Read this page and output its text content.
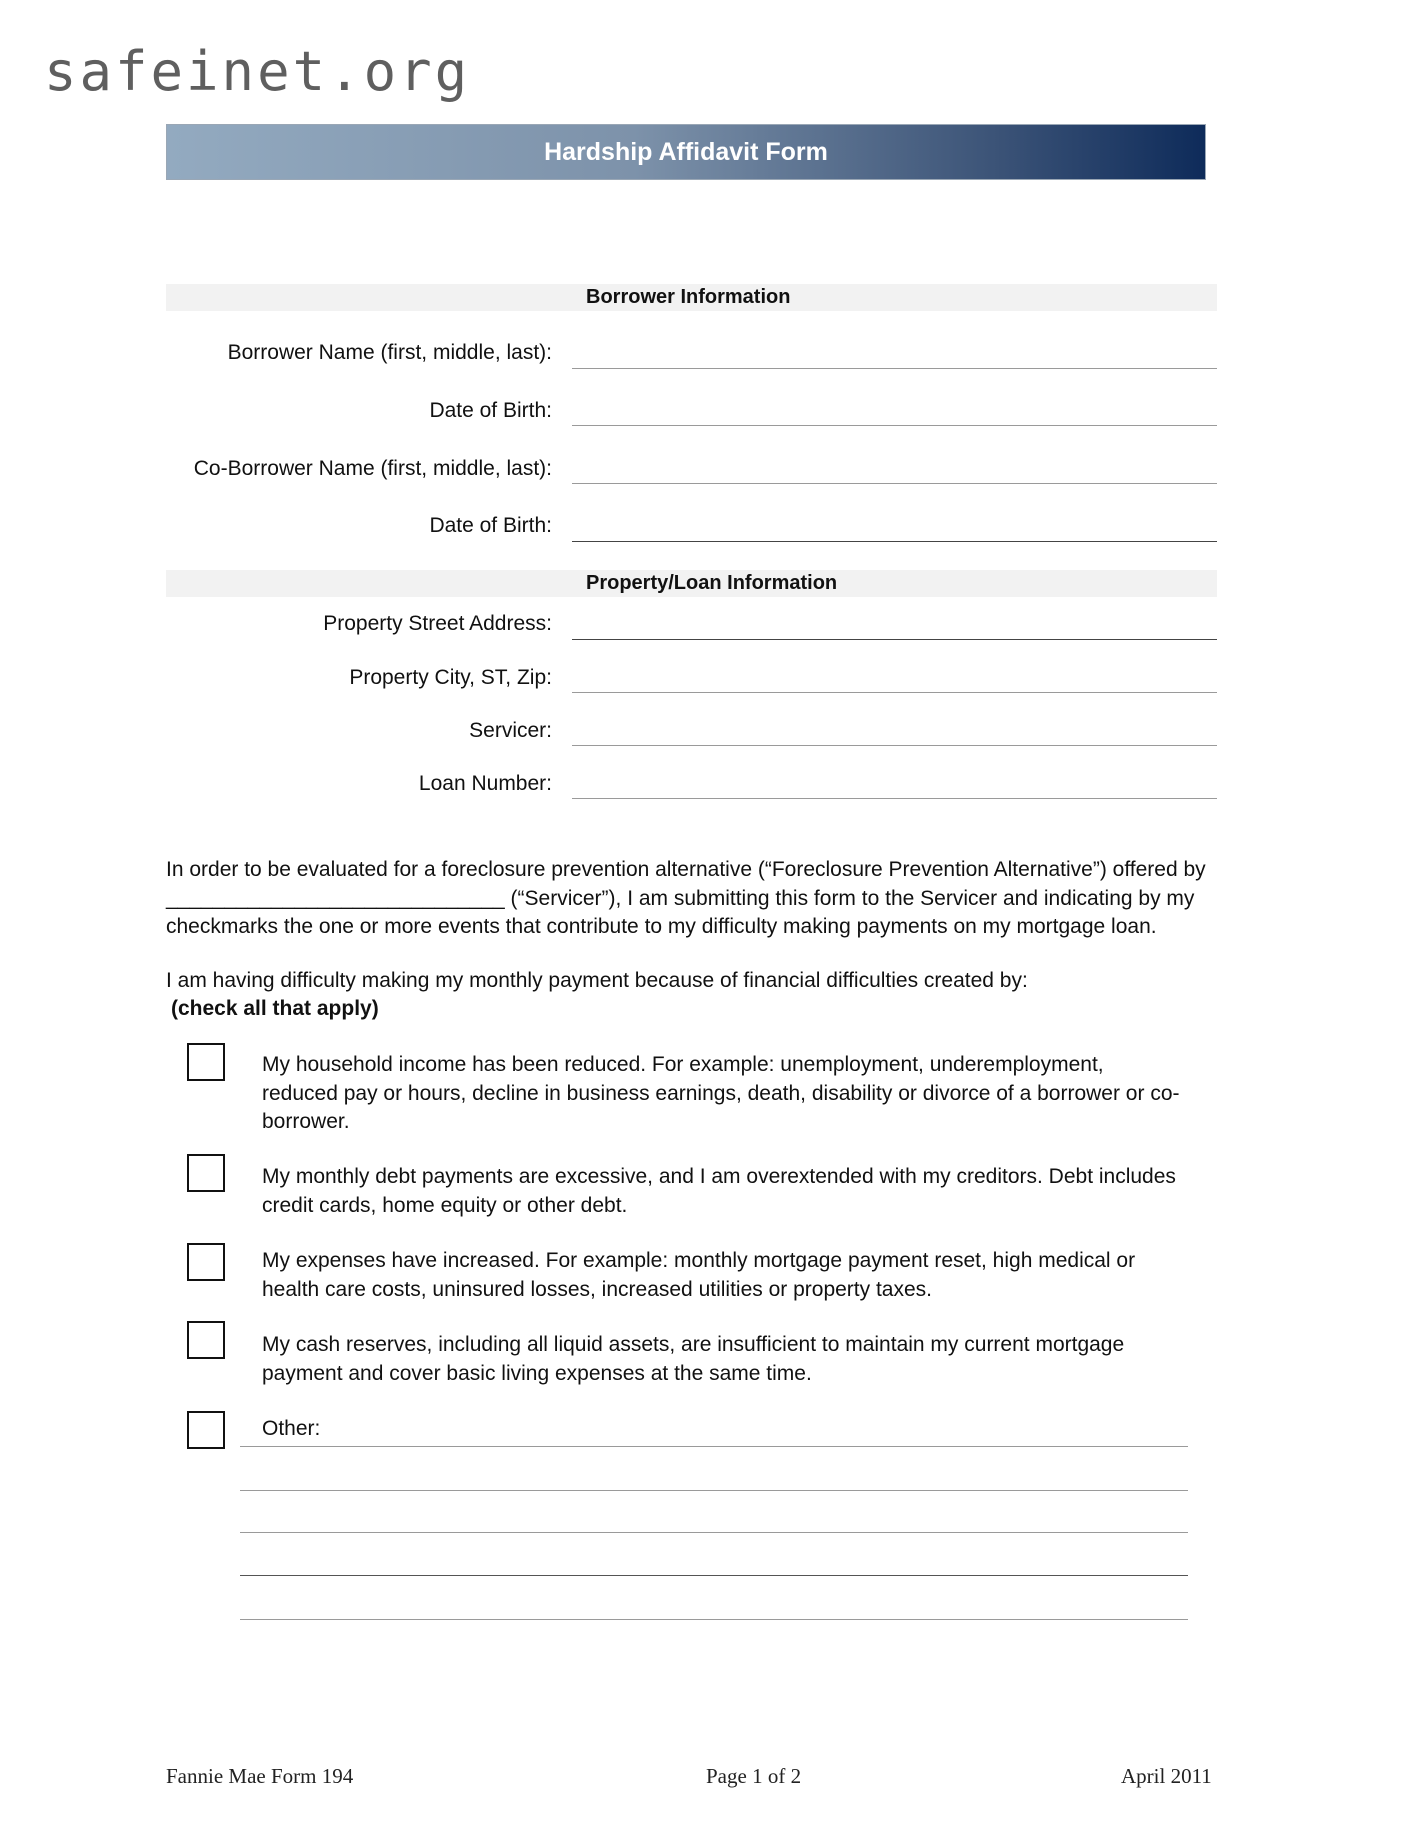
safeinet.org
Hardship Affidavit Form
Borrower Information
Borrower Name (first, middle, last):
Date of Birth:
Co-Borrower Name (first, middle, last):
Date of Birth:
Property/Loan Information
Property Street Address:
Property City, ST, Zip:
Servicer:
Loan Number:
In order to be evaluated for a foreclosure prevention alternative (“Foreclosure Prevention Alternative”) offered by
_____________________________ (“Servicer”), I am submitting this form to the Servicer and indicating by my
checkmarks the one or more events that contribute to my difficulty making payments on my mortgage loan.
I am having difficulty making my monthly payment because of financial difficulties created by:
(check all that apply)
My household income has been reduced. For example: unemployment, underemployment, reduced pay or hours, decline in business earnings, death, disability or divorce of a borrower or co-borrower.
My monthly debt payments are excessive, and I am overextended with my creditors. Debt includes credit cards, home equity or other debt.
My expenses have increased. For example: monthly mortgage payment reset, high medical or health care costs, uninsured losses, increased utilities or property taxes.
My cash reserves, including all liquid assets, are insufficient to maintain my current mortgage payment and cover basic living expenses at the same time.
Other:
Fannie Mae Form 194	Page 1 of 2	April 2011
